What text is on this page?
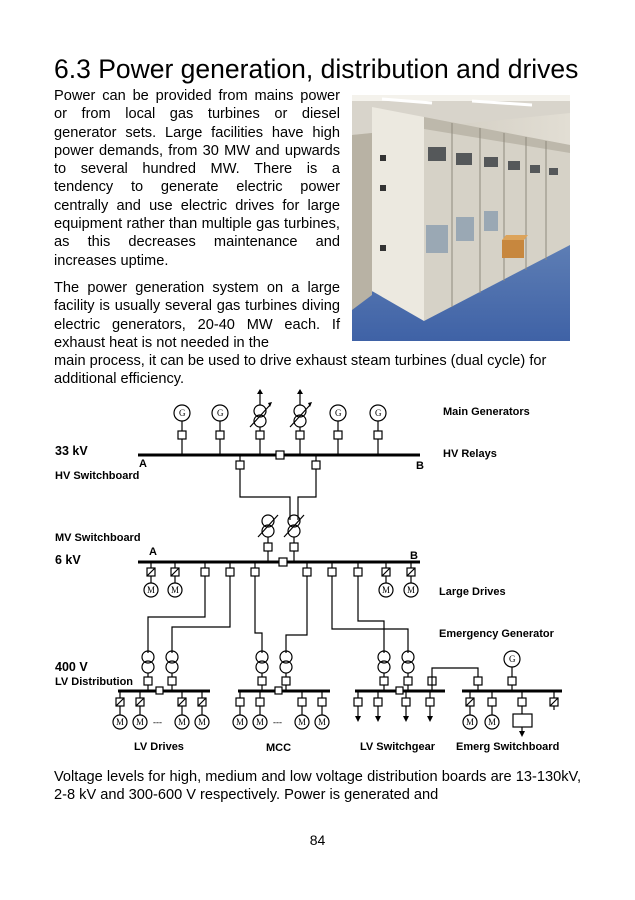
6.3 Power generation, distribution and drives

Power can be provided from mains power or from local gas turbines or diesel generator sets. Large facilities have high power demands, from 30 MW and upwards to several hundred MW. There is a tendency to generate electric power centrally and use electric drives for large equipment rather than multiple gas turbines, as this decreases maintenance and increases uptime.

The power generation system on a large facility is usually several gas turbines diving electric generators, 20-40 MW each. If exhaust heat is not needed in the

main process, it can be used to drive exhaust steam turbines (dual cycle) for additional efficiency.

G	G	G	G
M M	M M
G
M M	M M
---	M M	M M
---	M M
Main Generators
HV Relays
33 kV
A	B
HV Switchboard
MV Switchboard
A	B
6 kV
Large Drives
Emergency Generator
400 V
LV Distribution
LV Drives	MCC	LV Switchgear Emerg Switchboard

Voltage levels for high, medium and low voltage distribution boards are 13-130kV, 2-8 kV and 300-600 V respectively. Power is generated and

84
